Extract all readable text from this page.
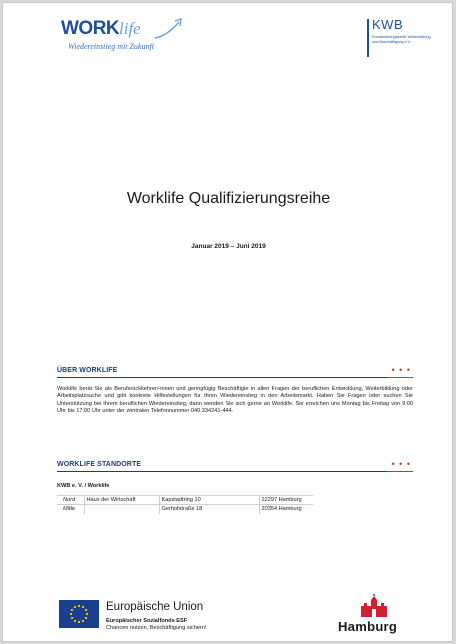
WORK life
Wiedereinstieg mit Zukunft
KWB
Koordinierungsstelle Weiterbildung und Beschäftigung e.V.
Worklife Qualifizierungsreihe
Januar 2019 – Juni 2019
ÜBER WORKLIFE	• • •
Worklife berät Sie als Berufsrückkehrer/-innen und geringfügig Beschäftigte in allen Fragen der beruflichen Entwicklung, Weiterbildung oder Arbeitsplatzsuche und gibt konkrete Hilfestellungen für Ihren Wiedereinstieg in den Arbeitsmarkt. Haben Sie Fragen oder suchen Sie Unterstützung bei Ihrem beruflichen Wiedereinstieg, dann wenden Sie sich gerne an Worklife. Sie erreichen uns Montag bis Freitag von 9:00 Uhr bis 17:00 Uhr unter der zentralen Telefonnummer 040 334241-444.
WORKLIFE STANDORTE	• • •
KWB e. V. / Worklife
Nord	Haus der Wirtschaft	Kapstadtring 10	22297 Hamburg
Mitte		Gerhofstraße 18	20354 Hamburg
Europäische Union
Europäischer Sozialfonds ESF
Chancen nutzen, Beschäftigung sichern!	Hamburg
